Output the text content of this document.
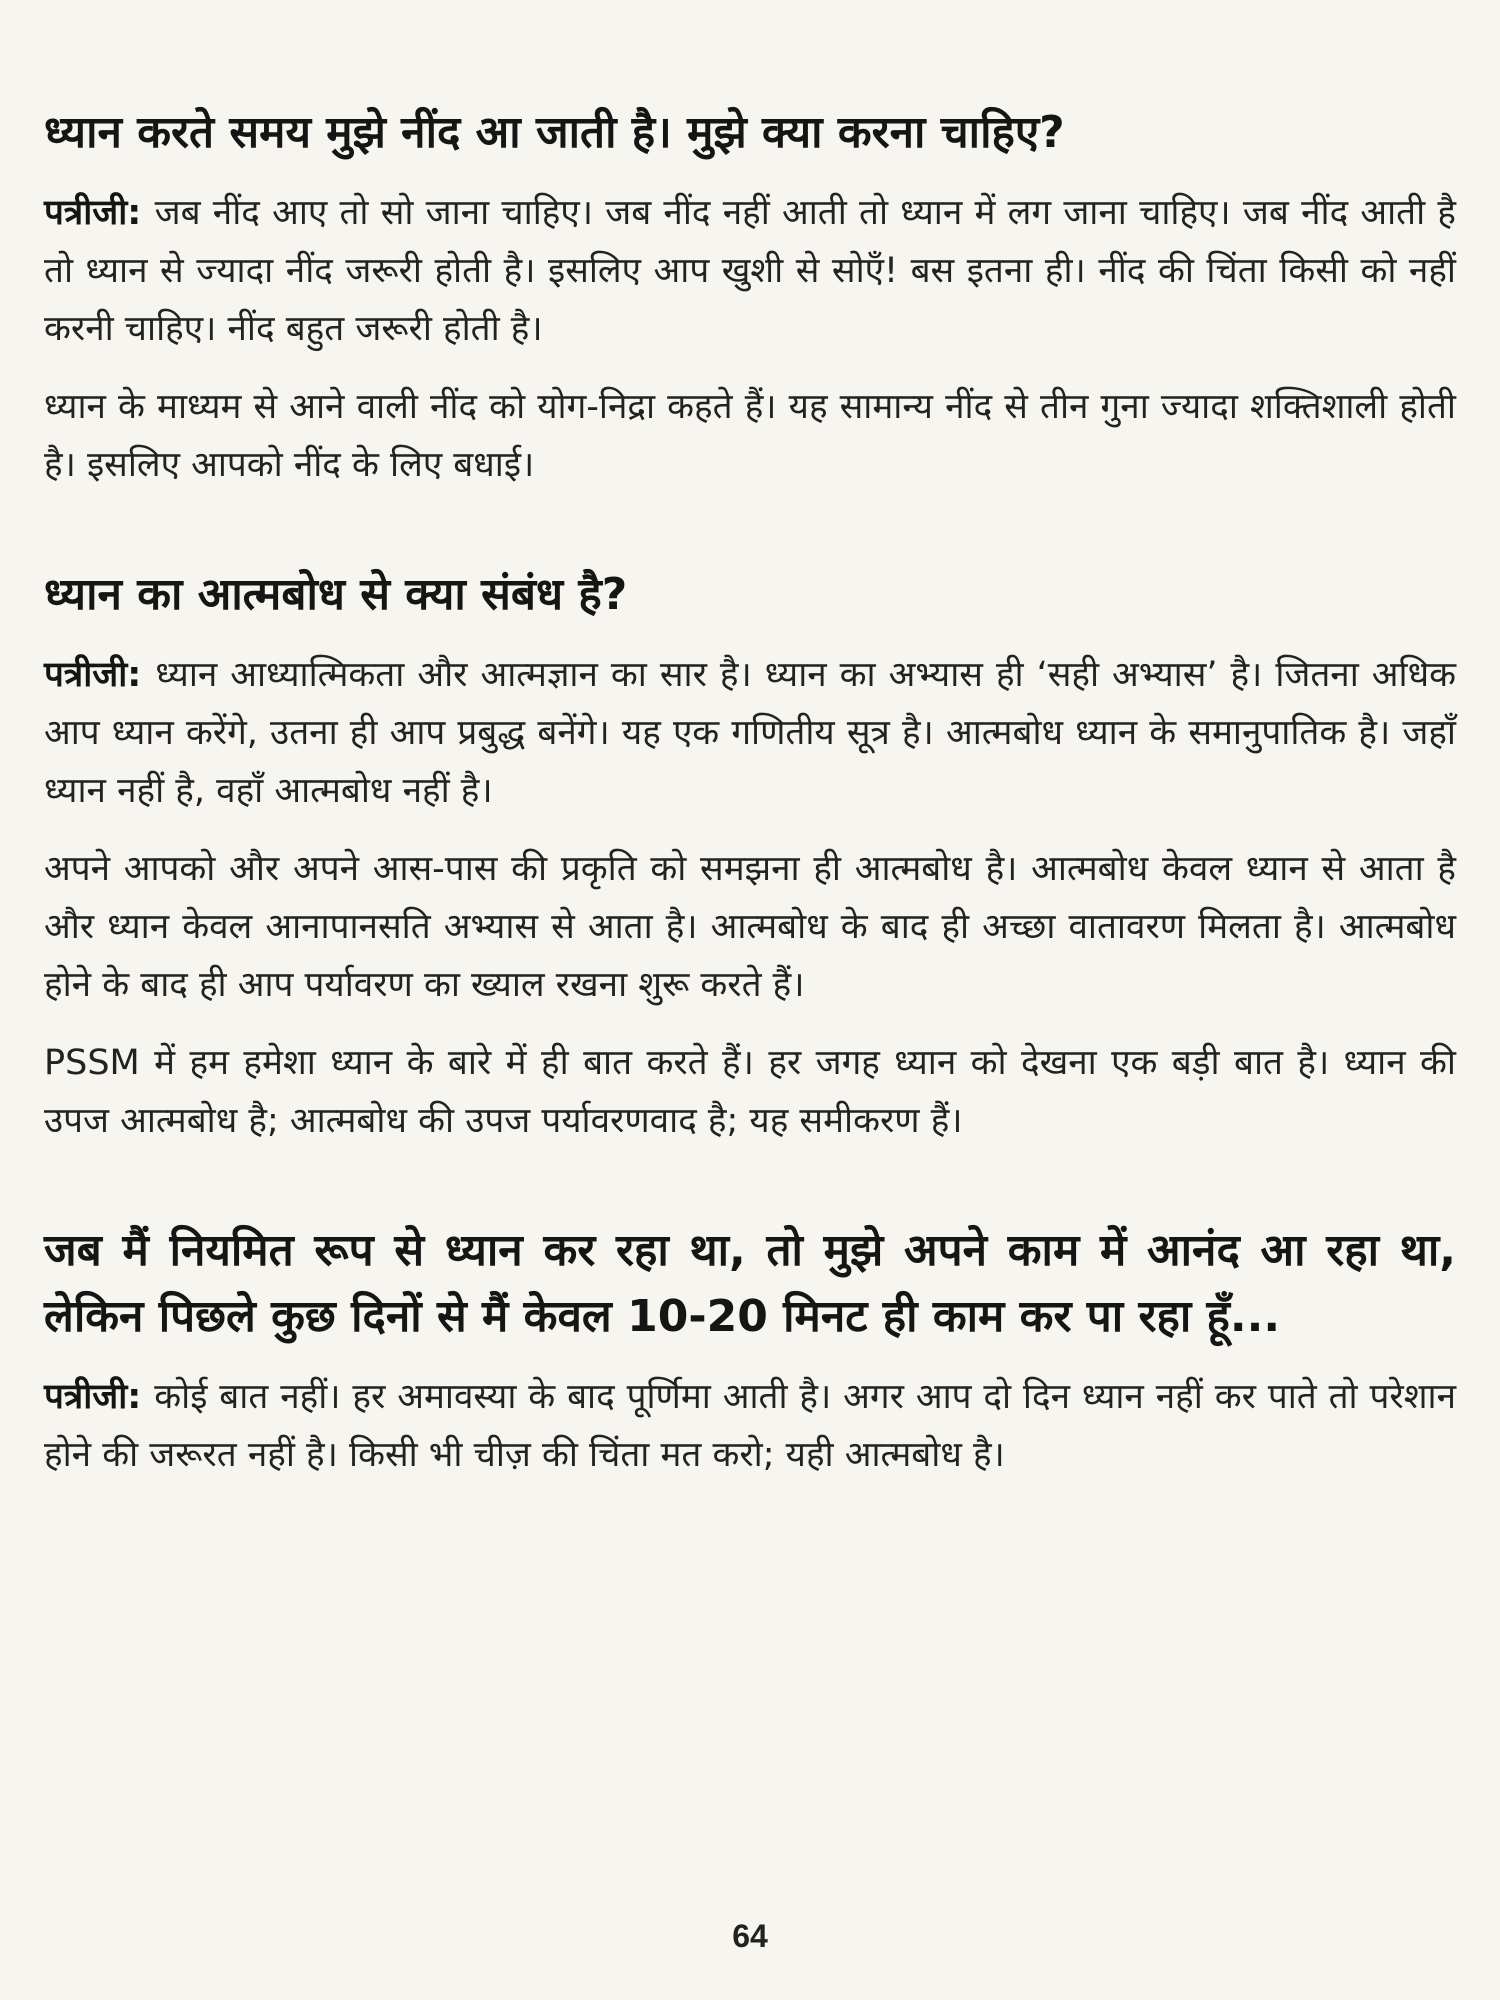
ध्यान करते समय मुझे नींद आ जाती है। मुझे क्या करना चाहिए?

पत्रीजी: जब नींद आए तो सो जाना चाहिए। जब नींद नहीं आती तो ध्यान में लग जाना चाहिए। जब नींद आती है तो ध्यान से ज्यादा नींद जरूरी होती है। इसलिए आप खुशी से सोएँ! बस इतना ही। नींद की चिंता किसी को नहीं करनी चाहिए। नींद बहुत जरूरी होती है।

ध्यान के माध्यम से आने वाली नींद को योग-निद्रा कहते हैं। यह सामान्य नींद से तीन गुना ज्यादा शक्तिशाली होती है। इसलिए आपको नींद के लिए बधाई।

ध्यान का आत्मबोध से क्या संबंध है?

पत्रीजी: ध्यान आध्यात्मिकता और आत्मज्ञान का सार है। ध्यान का अभ्यास ही ‘सही अभ्यास’ है। जितना अधिक आप ध्यान करेंगे, उतना ही आप प्रबुद्ध बनेंगे। यह एक गणितीय सूत्र है। आत्मबोध ध्यान के समानुपातिक है। जहाँ ध्यान नहीं है, वहाँ आत्मबोध नहीं है।

अपने आपको और अपने आस-पास की प्रकृति को समझना ही आत्मबोध है। आत्मबोध केवल ध्यान से आता है और ध्यान केवल आनापानसति अभ्यास से आता है। आत्मबोध के बाद ही अच्छा वातावरण मिलता है। आत्मबोध होने के बाद ही आप पर्यावरण का ख्याल रखना शुरू करते हैं।

PSSM में हम हमेशा ध्यान के बारे में ही बात करते हैं। हर जगह ध्यान को देखना एक बड़ी बात है। ध्यान की उपज आत्मबोध है; आत्मबोध की उपज पर्यावरणवाद है; यह समीकरण हैं।

जब मैं नियमित रूप से ध्यान कर रहा था, तो मुझे अपने काम में आनंद आ रहा था, लेकिन पिछले कुछ दिनों से मैं केवल 10-20 मिनट ही काम कर पा रहा हूँ...

पत्रीजी: कोई बात नहीं। हर अमावस्या के बाद पूर्णिमा आती है। अगर आप दो दिन ध्यान नहीं कर पाते तो परेशान होने की जरूरत नहीं है। किसी भी चीज़ की चिंता मत करो; यही आत्मबोध है।

64
